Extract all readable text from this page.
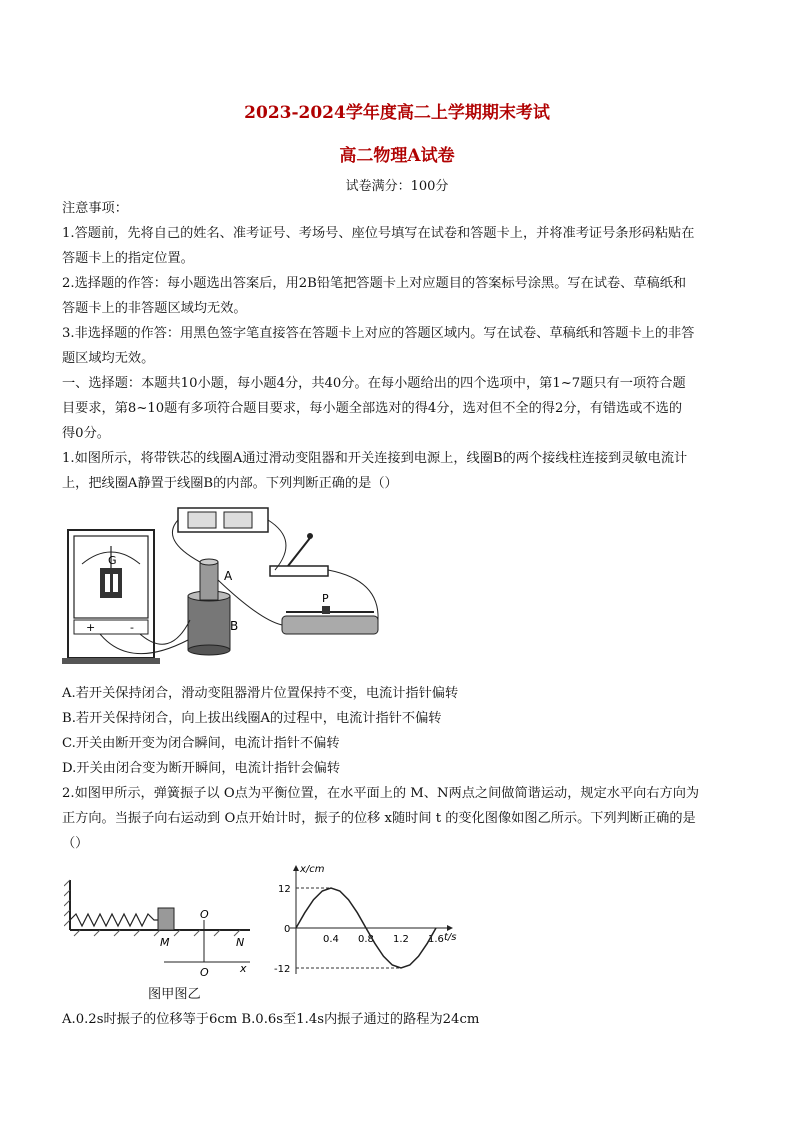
2023-2024学年度高二上学期期末考试
高二物理A试卷
试卷满分：100分
注意事项：
1.答题前，先将自己的姓名、准考证号、考场号、座位号填写在试卷和答题卡上，并将准考证号条形码粘贴在
答题卡上的指定位置。
2.选择题的作答：每小题选出答案后，用2B铅笔把答题卡上对应题目的答案标号涂黑。写在试卷、草稿纸和
答题卡上的非答题区域均无效。
3.非选择题的作答：用黑色签字笔直接答在答题卡上对应的答题区域内。写在试卷、草稿纸和答题卡上的非答
题区域均无效。
一、选择题：本题共10小题，每小题4分，共40分。在每小题给出的四个选项中，第1~7题只有一项符合题
目要求，第8~10题有多项符合题目要求，每小题全部选对的得4分，选对但不全的得2分，有错选或不选的
得0分。
1.如图所示，将带铁芯的线圈A通过滑动变阻器和开关连接到电源上，线圈B的两个接线柱连接到灵敏电流计
上，把线圈A静置于线圈B的内部。下列判断正确的是（）
G
+	-	B
A
P
A.若开关保持闭合，滑动变阻器滑片位置保持不变，电流计指针偏转
B.若开关保持闭合，向上拔出线圈A的过程中，电流计指针不偏转
C.开关由断开变为闭合瞬间，电流计指针不偏转
D.开关由闭合变为断开瞬间，电流计指针会偏转
2.如图甲所示，弹簧振子以 O点为平衡位置，在水平面上的 M、N两点之间做简谐运动，规定水平向右方向为
正方向。当振子向右运动到 O点开始计时，振子的位移 x随时间 t 的变化图像如图乙所示。下列判断正确的是
（）
O
M	N
O	x
x/cm
t/s
0.4 0.8 1.2 1.6
12
0
-12
图甲图乙
A.0.2s时振子的位移等于6cm B.0.6s至1.4s内振子通过的路程为24cm
